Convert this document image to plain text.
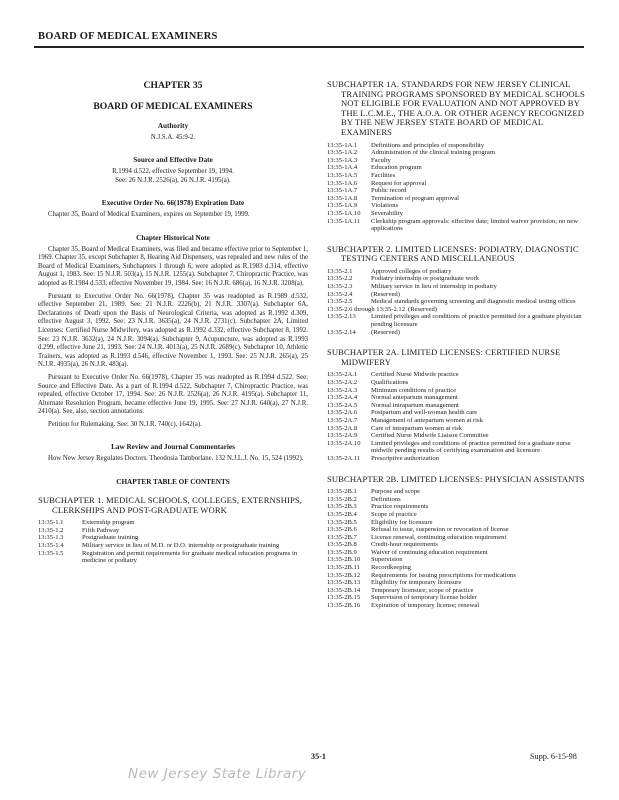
BOARD OF MEDICAL EXAMINERS
CHAPTER 35
BOARD OF MEDICAL EXAMINERS
Authority
N.J.S.A. 45:9-2.
Source and Effective Date
R.1994 d.522, effective September 19, 1994.
See: 26 N.J.R. 2526(a), 26 N.J.R. 4195(a).
Executive Order No. 66(1978) Expiration Date

Chapter 35, Board of Medical Examiners, expires on September 19, 1999.

Chapter Historical Note

Chapter 35, Board of Medical Examiners, was filed and became effective prior to September 1, 1969. Chapter 35, except Subchapter 8, Hearing Aid Dispensers, was repealed and new rules of the Board of Medical Examiners, Subchapters 1 through 6, were adopted as R.1983 d.314, effective August 1, 1983. See: 15 N.J.R. 503(a), 15 N.J.R. 1255(a). Subchapter 7, Chiropractic Practice, was adopted as R.1984 d.533, effective November 19, 1984. See: 16 N.J.R. 686(a), 16 N.J.R. 3208(a).

Pursuant to Executive Order No. 66(1978), Chapter 35 was readopted as R.1989 d.532, effective September 21, 1989. See: 21 N.J.R. 2226(b), 21 N.J.R. 3307(a). Subchapter 6A, Declarations of Death upon the Basis of Neurological Criteria, was adopted as R.1992 d.309, effective August 3, 1992. See: 23 N.J.R. 3635(a), 24 N.J.R. 2731(c). Subchapter 2A, Limited Licenses: Certified Nurse Midwifery, was adopted as R.1992 d.332, effective Subchapter 8, 1992. See: 23 N.J.R. 3632(a), 24 N.J.R. 3094(a). Subchapter 9, Acupuncture, was adopted as R.1993 d.299, effective June 21, 1993. See: 24 N.J.R. 4013(a), 25 N.J.R. 2689(c). Subchapter 10, Athletic Trainers, was adopted as R.1993 d.546, effective November 1, 1993. See: 25 N.J.R. 265(a), 25 N.J.R. 4935(a), 26 N.J.R. 483(a).

Pursuant to Executive Order No. 66(1978), Chapter 35 was readopted as R.1994 d.522. See: Source and Effective Date. As a part of R.1994 d.522, Subchapter 7, Chiropractic Practice, was repealed, effective October 17, 1994. See: 26 N.J.R. 2526(a), 26 N.J.R. 4195(a). Subchapter 11, Alternate Resolution Program, became effective June 19, 1995. See: 27 N.J.R. 640(a), 27 N.J.R. 2410(a). See, also, section annotations.

Petition for Rulemaking. See: 30 N.J.R. 740(c), 1642(a).

Law Review and Journal Commentaries

How New Jersey Regulates Doctors. Theodosia Tamborlane. 132 N.J.L.J. No. 15, 524 (1992).

CHAPTER TABLE OF CONTENTS
SUBCHAPTER 1. MEDICAL SCHOOLS, COLLEGES, EXTERNSHIPS, CLERKSHIPS AND POST-GRADUATE WORK
13:35-1.1	Externship program
13:35-1.2	Fifth Pathway
13:35-1.3	Postgraduate training
13:35-1.4	Military service in lieu of M.D. or D.O. internship or postgraduate training
13:35-1.5	Registration and permit requirements for graduate medical education programs in medicine or podiatry
SUBCHAPTER 1A. STANDARDS FOR NEW JERSEY CLINICAL TRAINING PROGRAMS SPONSORED BY MEDICAL SCHOOLS NOT ELIGIBLE FOR EVALUATION AND NOT APPROVED BY THE L.C.M.E., THE A.O.A. OR OTHER AGENCY RECOGNIZED BY THE NEW JERSEY STATE BOARD OF MEDICAL EXAMINERS
13:35-1A.1	Definitions and principles of responsibility
13:35-1A.2	Administration of the clinical training program
13:35-1A.3	Faculty
13:35-1A.4	Education program
13:35-1A.5	Facilities
13:35-1A.6	Request for approval
13:35-1A.7	Public record
13:35-1A.8	Termination of program approval
13:35-1A.9	Violations
13:35-1A.10	Severability
13:35-1A.11	Clerkship program approvals: effective date; limited waiver provision; no new applications
SUBCHAPTER 2. LIMITED LICENSES: PODIATRY, DIAGNOSTIC TESTING CENTERS AND MISCELLANEOUS
13:35-2.1	Approved colleges of podiatry
13:35-2.2	Podiatry internship or postgraduate work
13:35-2.3	Military service in lieu of internship in podiatry
13:35-2.4	(Reserved)
13:35-2.5	Medical standards governing screening and diagnostic medical testing offices
13:35-2.6 through 13:35-2.12 (Reserved)
13:35-2.13	Limited privileges and conditions of practice permitted for a graduate physician pending licensure
13:35-2.14	(Reserved)
SUBCHAPTER 2A. LIMITED LICENSES: CERTIFIED NURSE MIDWIFERY
13:35-2A.1	Certified Nurse Midwife practice
13:35-2A.2	Qualifications
13:35-2A.3	Minimum conditions of practice
13:35-2A.4	Normal antepartum management
13:35-2A.5	Normal intrapartum management
13:35-2A.6	Postpartum and well-woman health care
13:35-2A.7	Management of antepartum women at risk
13:35-2A.8	Care of intrapartum women at risk
13:35-2A.9	Certified Nurse Midwife Liaison Committee
13:35-2A.10	Limited privileges and conditions of practice permitted for a graduate nurse midwife pending results of certifying examination and licensure
13:35-2A.11	Prescriptive authorization
SUBCHAPTER 2B. LIMITED LICENSES: PHYSICIAN ASSISTANTS
13:35-2B.1	Purpose and scope
13:35-2B.2	Definitions
13:35-2B.3	Practice requirements
13:35-2B.4	Scope of practice
13:35-2B.5	Eligibility for licensure
13:35-2B.6	Refusal to issue, suspension or revocation of license
13:35-2B.7	License renewal, continuing education requirement
13:35-2B.8	Credit-hour requirements
13:35-2B.9	Waiver of continuing education requirement
13:35-2B.10	Supervision
13:35-2B.11	Recordkeeping
13:35-2B.12	Requirements for issuing prescriptions for medications
13:35-2B.13	Eligibility for temporary licensure
13:35-2B.14	Temporary licensure; scope of practice
13:35-2B.15	Supervision of temporary license holder
13:35-2B.16	Expiration of temporary license; renewal
35-1	Supp. 6-15-98
New Jersey State Library
